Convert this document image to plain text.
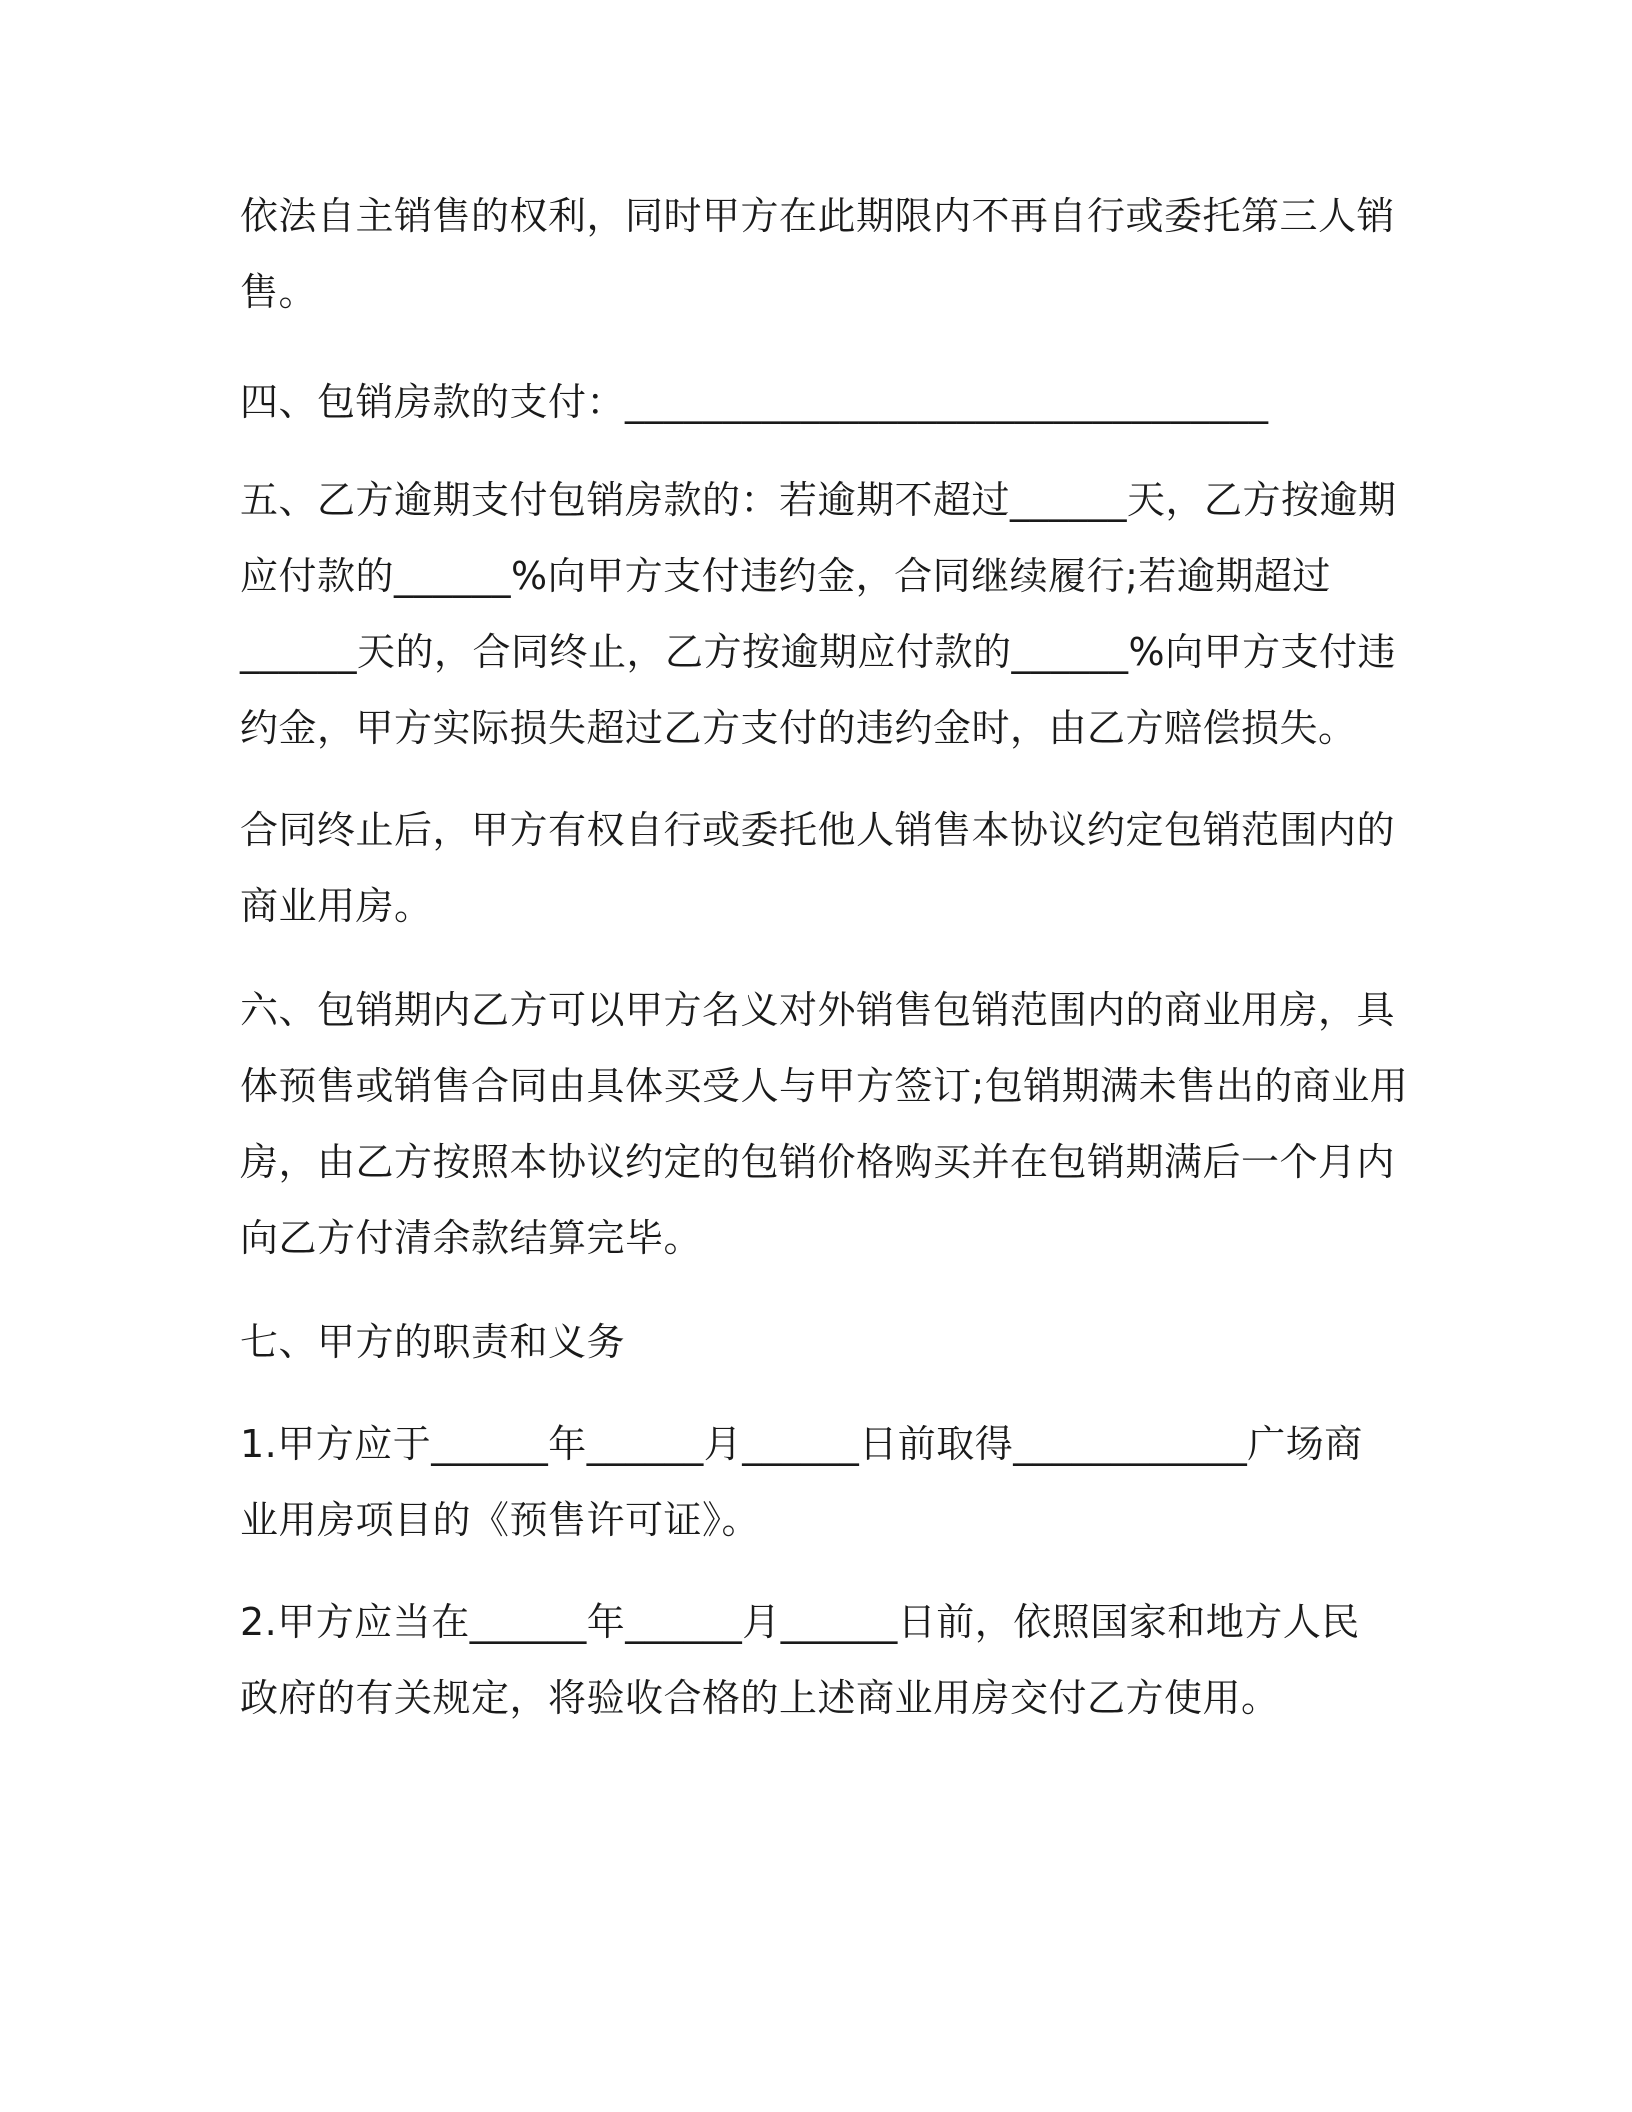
依法自主销售的权利，同时甲方在此期限内不再自行或委托第三人销
售。
四、包销房款的支付：_________________________________
五、乙方逾期支付包销房款的：若逾期不超过______天，乙方按逾期
应付款的______%向甲方支付违约金，合同继续履行;若逾期超过
______天的，合同终止，乙方按逾期应付款的______%向甲方支付违
约金，甲方实际损失超过乙方支付的违约金时，由乙方赔偿损失。
合同终止后，甲方有权自行或委托他人销售本协议约定包销范围内的
商业用房。
六、包销期内乙方可以甲方名义对外销售包销范围内的商业用房，具
体预售或销售合同由具体买受人与甲方签订;包销期满未售出的商业用
房，由乙方按照本协议约定的包销价格购买并在包销期满后一个月内
向乙方付清余款结算完毕。
七、甲方的职责和义务
1.甲方应于______年______月______日前取得____________广场商
业用房项目的《预售许可证》。
2.甲方应当在______年______月______日前，依照国家和地方人民
政府的有关规定，将验收合格的上述商业用房交付乙方使用。
